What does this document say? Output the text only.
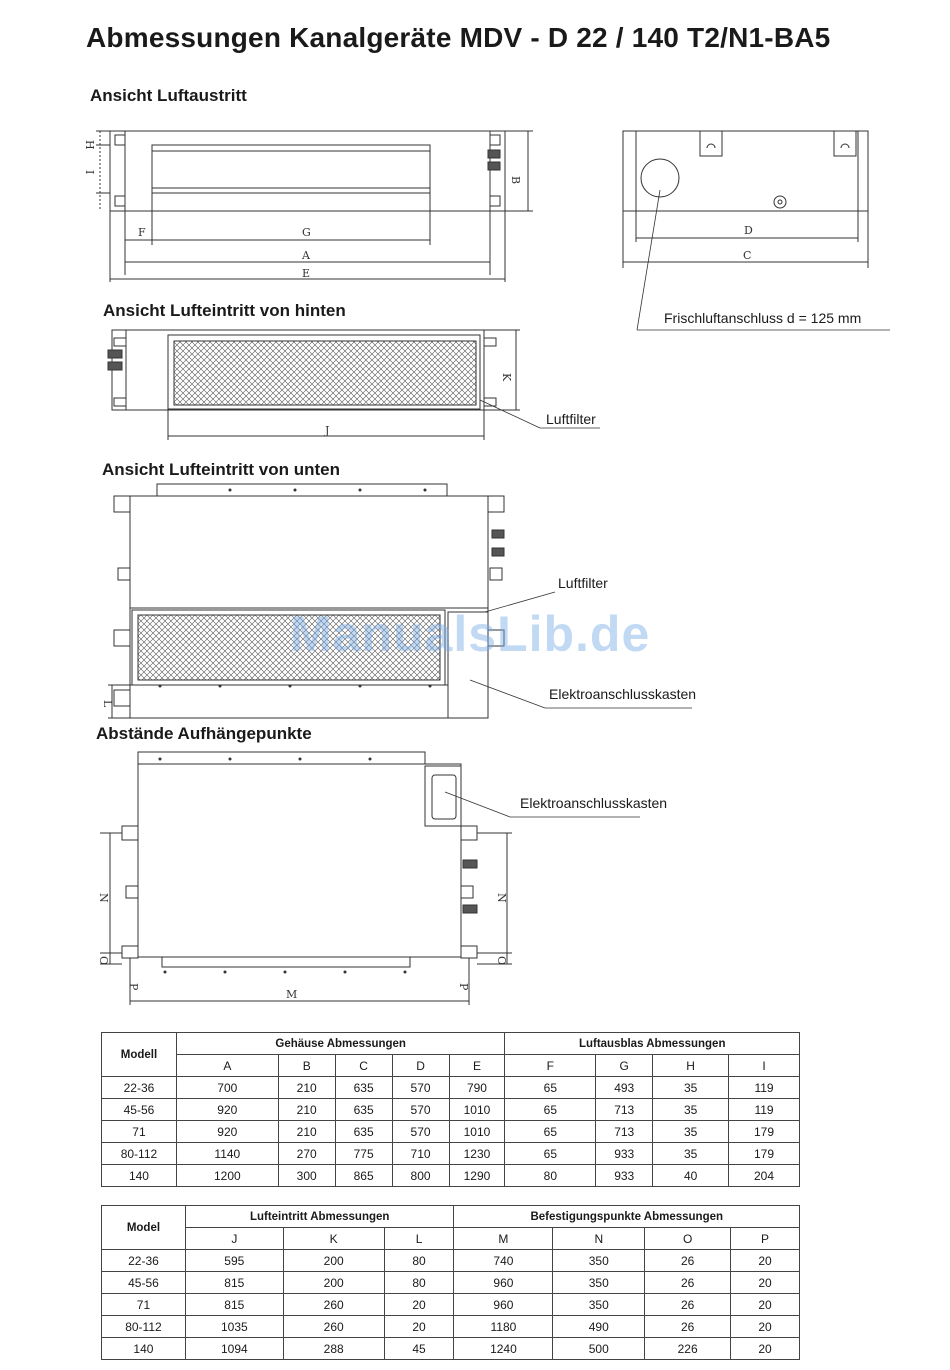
Abmessungen Kanalgeräte MDV - D 22 / 140 T2/N1-BA5
Ansicht Luftaustritt
Ansicht Lufteintritt von hinten
Ansicht Lufteintritt von unten
Abstände Aufhängepunkte
F	G
A
E
B
H
I
D
C
J
K
L
M
N	N
O	O
P	P
Frischluftanschluss d = 125 mm
Luftfilter
Luftfilter
Elektroanschlusskasten
Elektroanschlusskasten
ManualsLib.de
Modell	Gehäuse Abmessungen					Luftausblas Abmessungen			
	A	B	C	D	E	F	G	H	I
22-36	700	210	635	570	790	65	493	35	119
45-56	920	210	635	570	1010	65	713	35	119
71	920	210	635	570	1010	65	713	35	179
80-112	1140	270	775	710	1230	65	933	35	179
140	1200	300	865	800	1290	80	933	40	204
Model	Lufteintritt Abmessungen			Befestigungspunkte Abmessungen			
	J	K	L	M	N	O	P
22-36	595	200	80	740	350	26	20
45-56	815	200	80	960	350	26	20
71	815	260	20	960	350	26	20
80-112	1035	260	20	1180	490	26	20
140	1094	288	45	1240	500	226	20
